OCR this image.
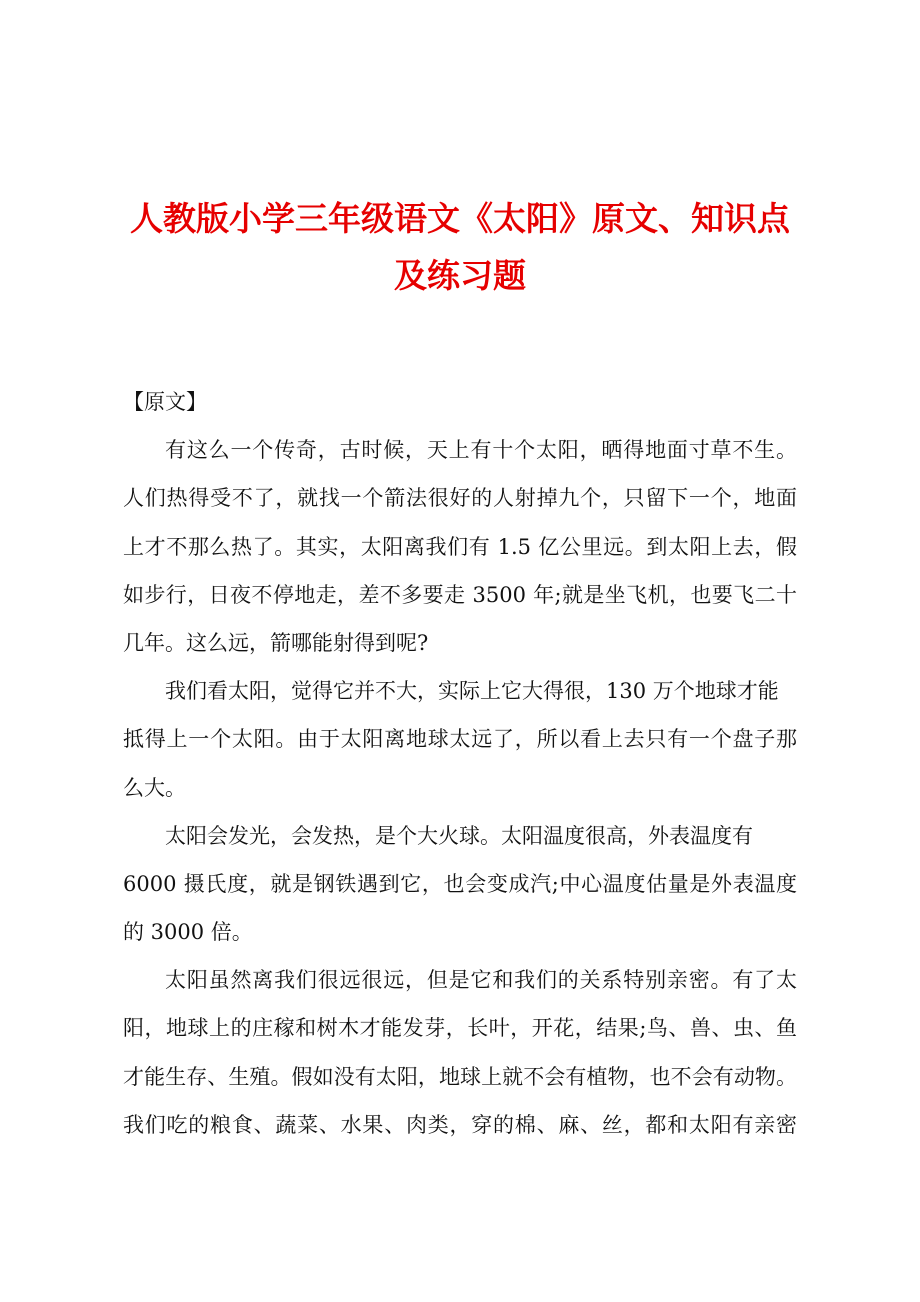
人教版小学三年级语文《太阳》原文、知识点
及练习题
【原文】
有这么一个传奇，古时候，天上有十个太阳，晒得地面寸草不生。
人们热得受不了，就找一个箭法很好的人射掉九个，只留下一个，地面
上才不那么热了。其实，太阳离我们有 1.5 亿公里远。到太阳上去，假
如步行，日夜不停地走，差不多要走 3500 年;就是坐飞机，也要飞二十
几年。这么远，箭哪能射得到呢?
我们看太阳，觉得它并不大，实际上它大得很，130 万个地球才能
抵得上一个太阳。由于太阳离地球太远了，所以看上去只有一个盘子那
么大。
太阳会发光，会发热，是个大火球。太阳温度很高，外表温度有
6000 摄氏度，就是钢铁遇到它，也会变成汽;中心温度估量是外表温度
的 3000 倍。
太阳虽然离我们很远很远，但是它和我们的关系特别亲密。有了太
阳，地球上的庄稼和树木才能发芽，长叶，开花，结果;鸟、兽、虫、鱼
才能生存、生殖。假如没有太阳，地球上就不会有植物，也不会有动物。
我们吃的粮食、蔬菜、水果、肉类，穿的棉、麻、丝，都和太阳有亲密
